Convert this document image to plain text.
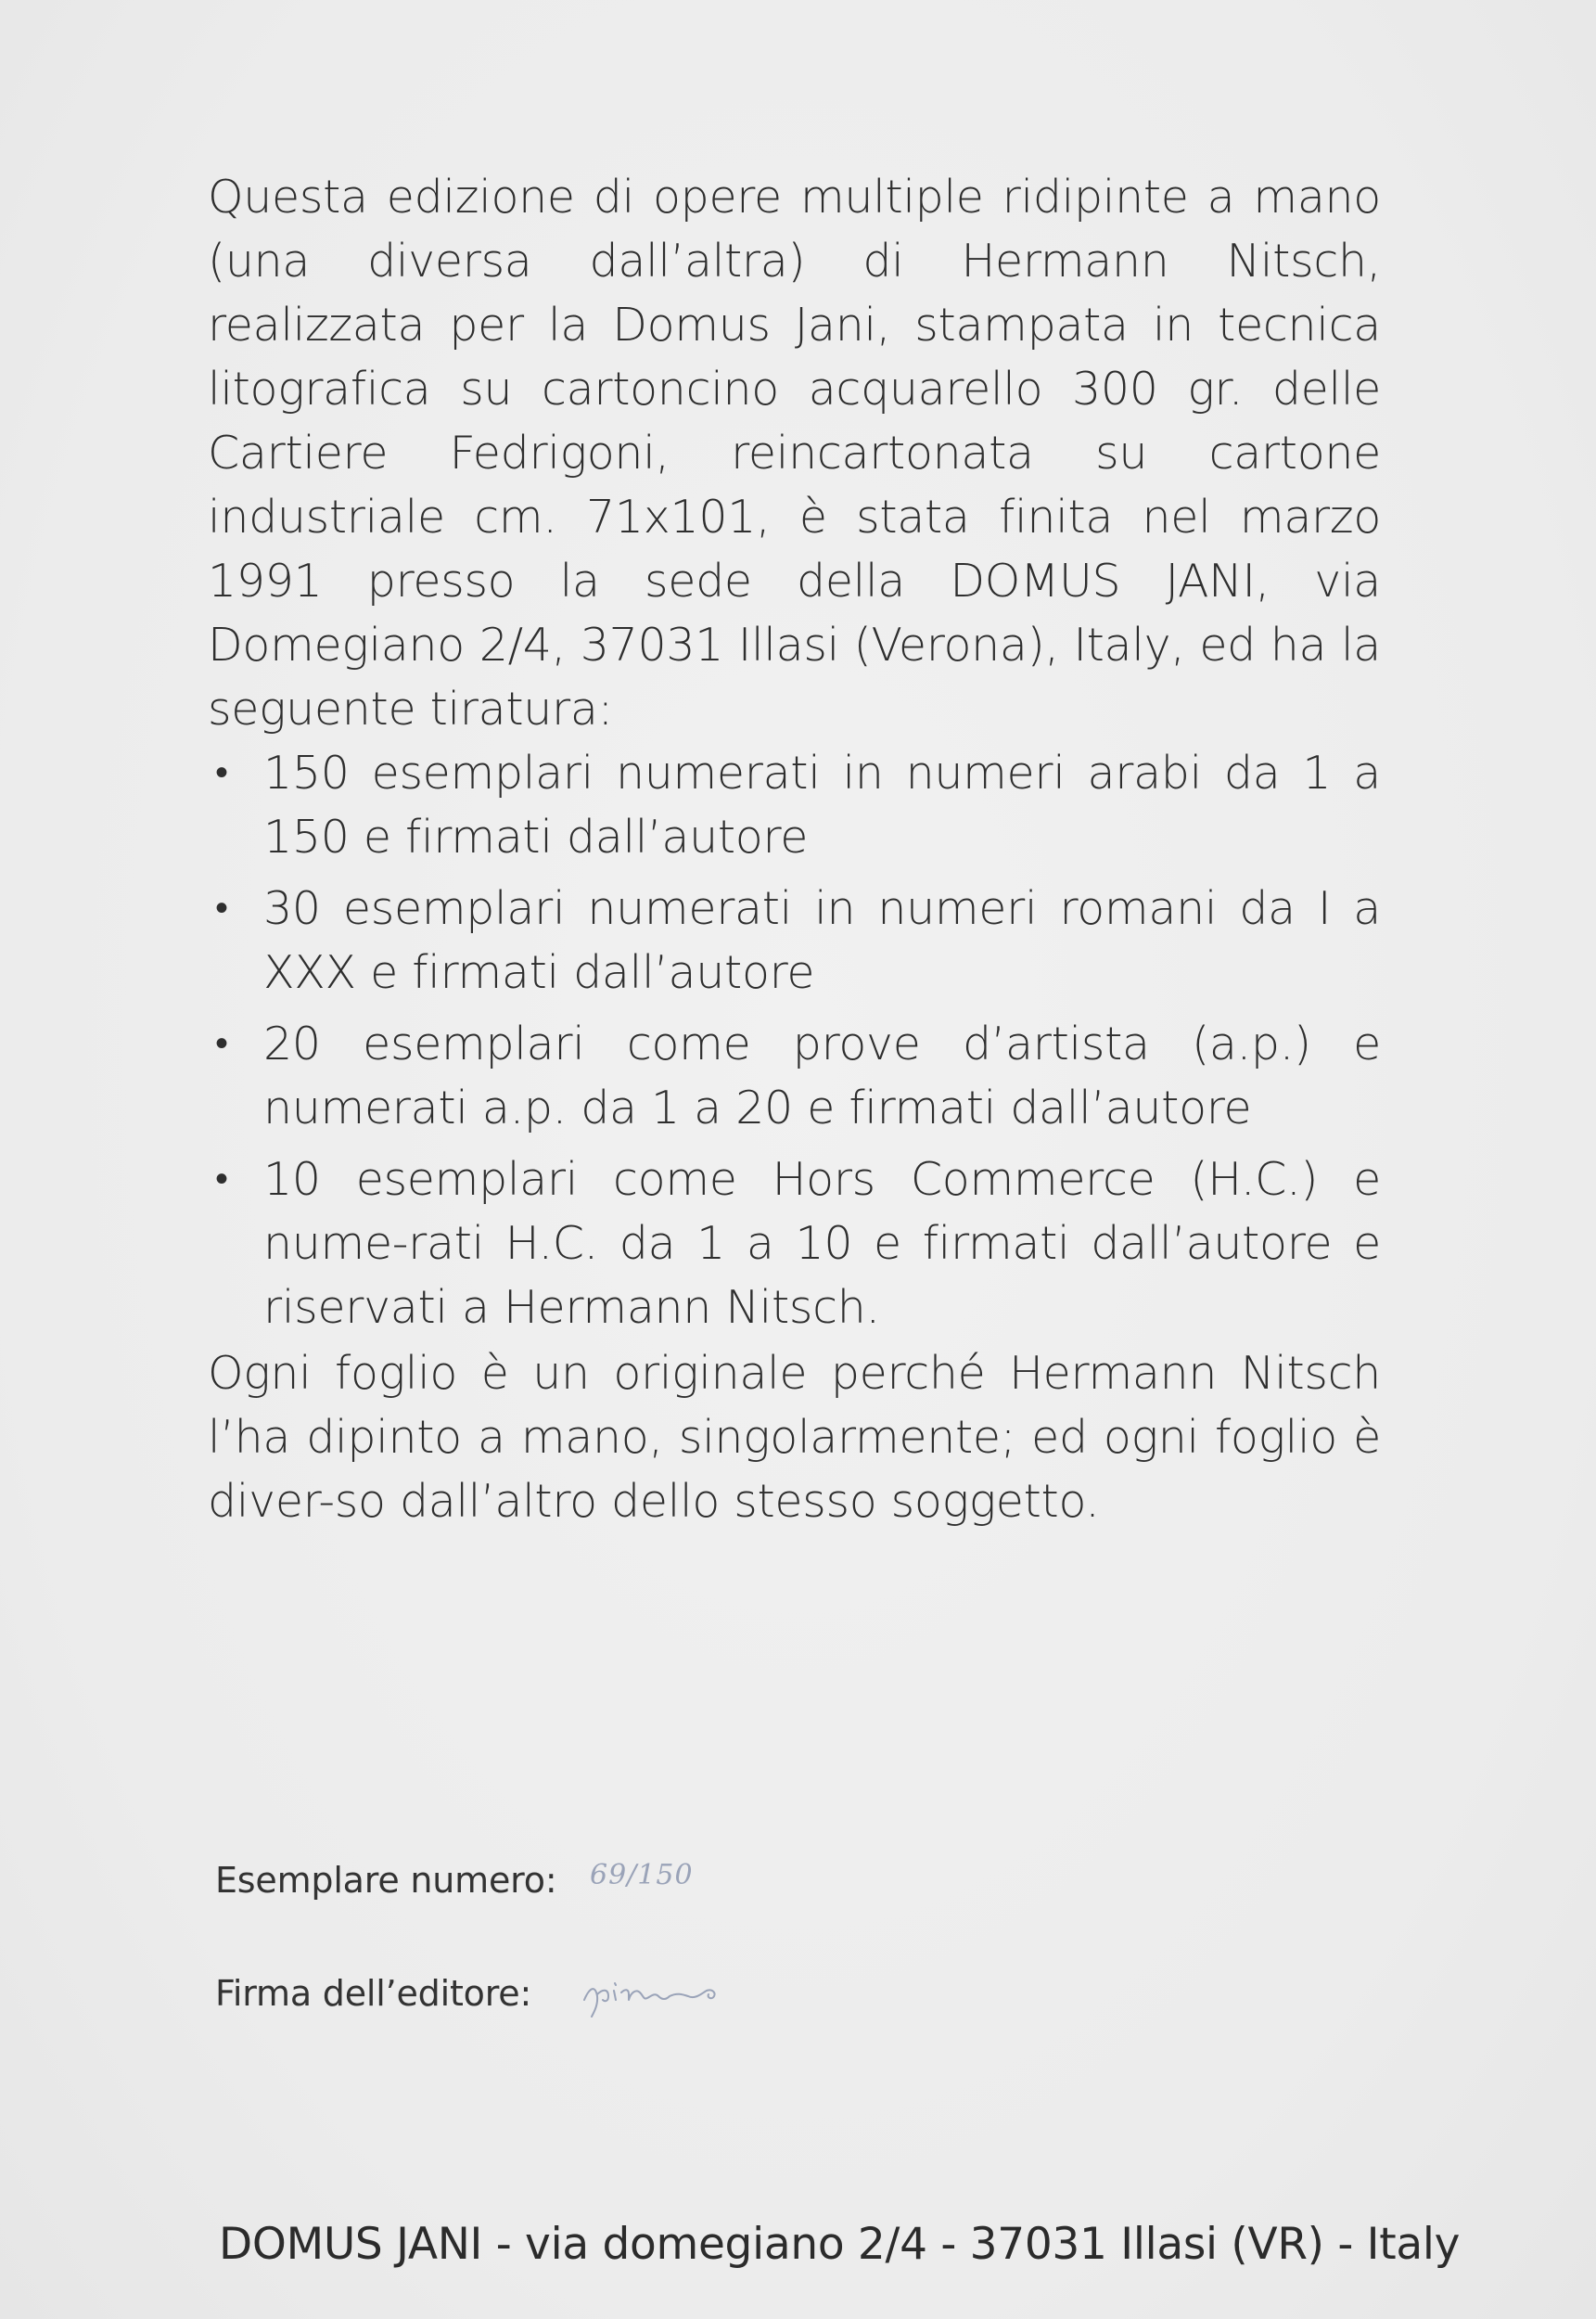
Questa edizione di opere multiple ridipinte a mano (una diversa dall’altra) di Hermann Nitsch, realizzata per la Domus Jani, stampata in tecnica litografica su cartoncino acquarello 300 gr. delle Cartiere Fedrigoni, reincartonata su cartone industriale cm. 71x101, è stata finita nel marzo 1991 presso la sede della DOMUS JANI, via Domegiano 2/4, 37031 Illasi (Verona), Italy, ed ha la seguente tiratura:

• 150 esemplari numerati in numeri arabi da 1 a 150 e firmati dall’autore
• 30 esemplari numerati in numeri romani da I a XXX e firmati dall’autore
• 20 esemplari come prove d’artista (a.p.) e numerati a.p. da 1 a 20 e firmati dall’autore
• 10 esemplari come Hors Commerce (H.C.) e nume-rati H.C. da 1 a 10 e firmati dall’autore e riservati a Hermann Nitsch.

Ogni foglio è un originale perché Hermann Nitsch l’ha dipinto a mano, singolarmente; ed ogni foglio è diver-so dall’altro dello stesso soggetto.

Esemplare numero: 69/150
Firma dell’editore:
DOMUS JANI - via domegiano 2/4 - 37031 Illasi (VR) - Italy
